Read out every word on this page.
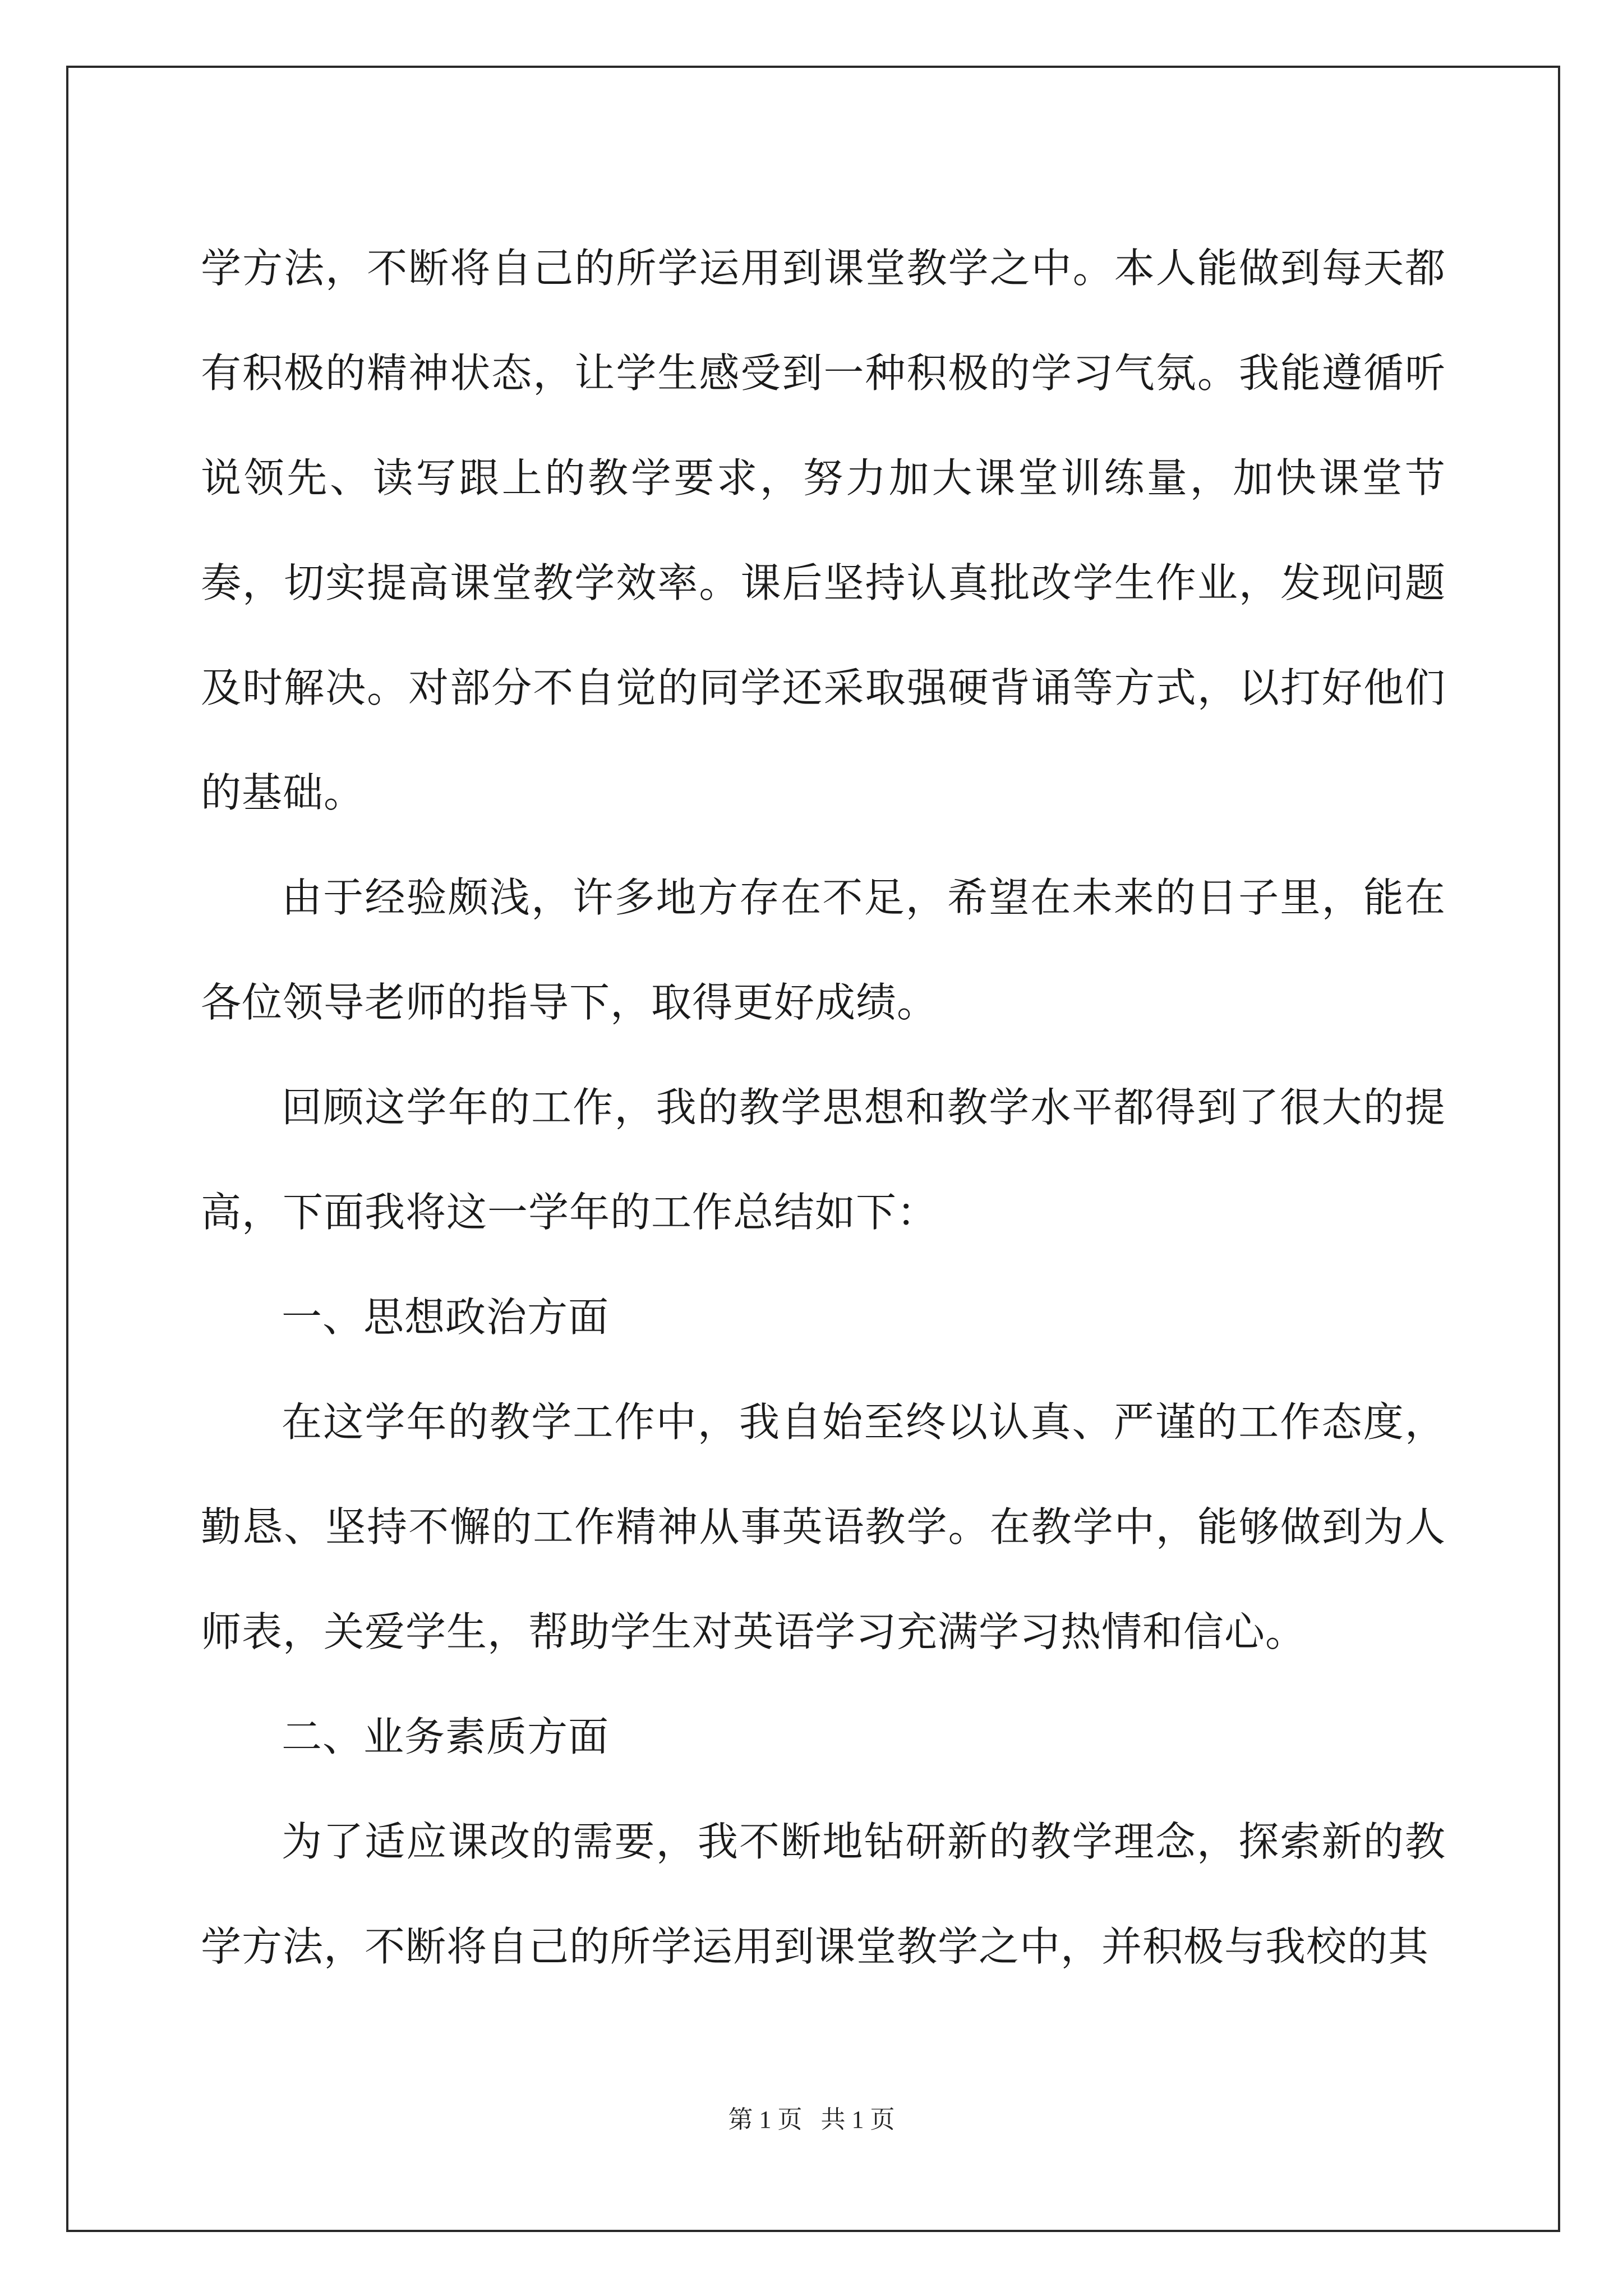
学方法，不断将自己的所学运用到课堂教学之中。本人能做到每天都有积极的精神状态，让学生感受到一种积极的学习气氛。我能遵循听说领先、读写跟上的教学要求，努力加大课堂训练量，加快课堂节奏，切实提高课堂教学效率。课后坚持认真批改学生作业，发现问题及时解决。对部分不自觉的同学还采取强硬背诵等方式，以打好他们的基础。

由于经验颇浅，许多地方存在不足，希望在未来的日子里，能在各位领导老师的指导下，取得更好成绩。

回顾这学年的工作，我的教学思想和教学水平都得到了很大的提高，下面我将这一学年的工作总结如下：

一、思想政治方面

在这学年的教学工作中，我自始至终以认真、严谨的工作态度，勤恳、坚持不懈的工作精神从事英语教学。在教学中，能够做到为人师表，关爱学生，帮助学生对英语学习充满学习热情和信心。

二、业务素质方面

为了适应课改的需要，我不断地钻研新的教学理念，探索新的教学方法，不断将自己的所学运用到课堂教学之中，并积极与我校的其

第 1 页 共 1 页
